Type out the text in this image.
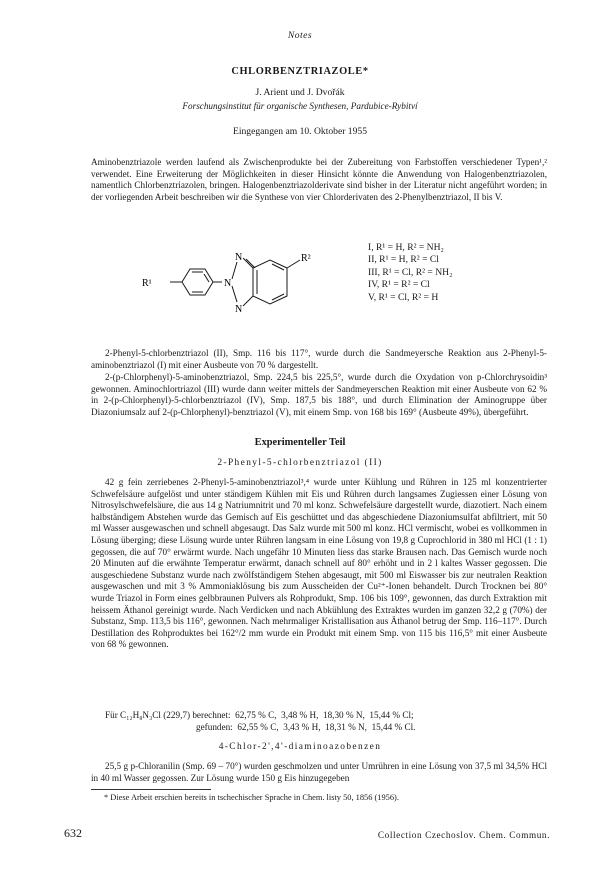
Notes
CHLORBENZTRIAZOLE*
J. Arient und J. Dvořák
Forschungsinstitut für organische Synthesen, Pardubice-Rybitví
Eingegangen am 10. Oktober 1955

Aminobenztriazole werden laufend als Zwischenprodukte bei der Zubereitung von Farbstoffen verschiedener Typen¹,² verwendet. Eine Erweiterung der Möglichkeiten in dieser Hinsicht könnte die Anwendung von Halogenbenztriazolen, namentlich Chlorbenztriazolen, bringen. Halogenbenztriazolderivate sind bisher in der Literatur nicht angeführt worden; in der vorliegenden Arbeit beschreiben wir die Synthese von vier Chlorderivaten des 2-Phenylbenztriazol, II bis V.

R¹	N
N
N
R²
I, R¹ = H, R² = NH₂
II, R¹ = H, R² = Cl
III, R¹ = Cl, R² = NH₂
IV, R¹ = R² = Cl
V, R¹ = Cl, R² = H

2-Phenyl-5-chlorbenztriazol (II), Smp. 116 bis 117°, wurde durch die Sandmeyersche Reaktion aus 2-Phenyl-5-aminobenztriazol (I) mit einer Ausbeute von 70 % dargestellt.

2-(p-Chlorphenyl)-5-aminobenztriazol, Smp. 224,5 bis 225,5°, wurde durch die Oxydation von p-Chlorchrysoidin³ gewonnen. Aminochlortriazol (III) wurde dann weiter mittels der Sandmeyerschen Reaktion mit einer Ausbeute von 62 % in 2-(p-Chlorphenyl)-5-chlorbenztriazol (IV), Smp. 187,5 bis 188°, und durch Elimination der Aminogruppe über Diazoniumsalz auf 2-(p-Chlorphenyl)-benztriazol (V), mit einem Smp. von 168 bis 169° (Ausbeute 49%), übergeführt.

Experimenteller Teil
2-Phenyl-5-chlorbenztriazol (II)

42 g fein zerriebenes 2-Phenyl-5-aminobenztriazol³,⁴ wurde unter Kühlung und Rühren in 125 ml konzentrierter Schwefelsäure aufgelöst und unter ständigem Kühlen mit Eis und Rühren durch langsames Zugiessen einer Lösung von Nitrosylschwefelsäure, die aus 14 g Natriumnitrit und 70 ml konz. Schwefelsäure dargestellt wurde, diazotiert. Nach einem halbständigem Abstehen wurde das Gemisch auf Eis geschüttet und das abgeschiedene Diazoniumsulfat abfiltriert, mit 50 ml Wasser ausgewaschen und schnell abgesaugt. Das Salz wurde mit 500 ml konz. HCl vermischt, wobei es vollkommen in Lösung überging; diese Lösung wurde unter Rühren langsam in eine Lösung von 19,8 g Cuprochlorid in 380 ml HCl (1 : 1) gegossen, die auf 70° erwärmt wurde. Nach ungefähr 10 Minuten liess das starke Brausen nach. Das Gemisch wurde noch 20 Minuten auf die erwähnte Temperatur erwärmt, danach schnell auf 80° erhöht und in 2 l kaltes Wasser gegossen. Die ausgeschiedene Substanz wurde nach zwölfständigem Stehen abgesaugt, mit 500 ml Eiswasser bis zur neutralen Reaktion ausgewaschen und mit 3 % Ammoniaklösung bis zum Ausscheiden der Cu²⁺-Ionen behandelt. Durch Trocknen bei 80° wurde Triazol in Form eines gelbbraunen Pulvers als Rohprodukt, Smp. 106 bis 109°, gewonnen, das durch Extraktion mit heissem Äthanol gereinigt wurde. Nach Verdicken und nach Abkühlung des Extraktes wurden im ganzen 32,2 g (70%) der Substanz, Smp. 113,5 bis 116°, gewonnen. Nach mehrmaliger Kristallisation aus Äthanol betrug der Smp. 116–117°. Durch Destillation des Rohproduktes bei 162°/2 mm wurde ein Produkt mit einem Smp. von 115 bis 116,5° mit einer Ausbeute von 68 % gewonnen.

Für C₁₂H₈N₃Cl (229,7) berechnet:  62,75 % C,  3,48 % H,  18,30 % N,  15,44 % Cl;
gefunden:  62,55 % C,  3,43 % H,  18,31 % N,  15,44 % Cl.
4-Chlor-2',4'-diaminoazobenzen

25,5 g p-Chloranilin (Smp. 69 – 70°) wurden geschmolzen und unter Umrühren in eine Lösung von 37,5 ml 34,5% HCl in 40 ml Wasser gegossen. Zur Lösung wurde 150 g Eis hinzugegeben

* Diese Arbeit erschien bereits in tschechischer Sprache in Chem. listy 50, 1856 (1956).

632	Collection Czechoslov. Chem. Commun.
